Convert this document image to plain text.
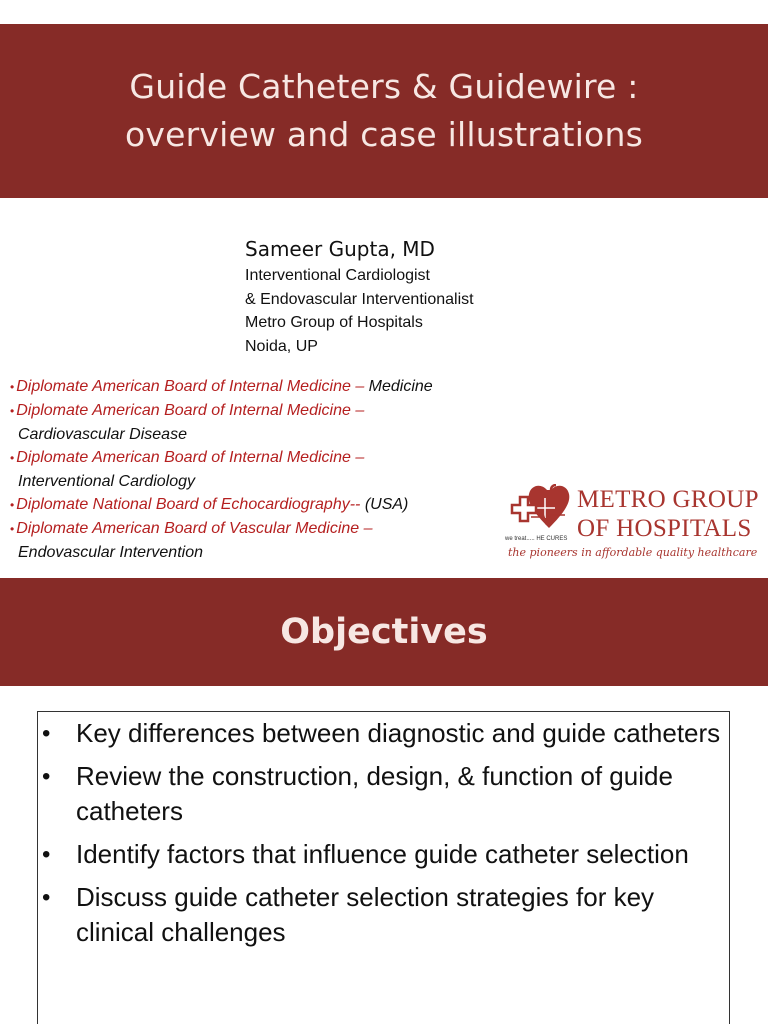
Guide Catheters & Guidewire :
overview and case illustrations
Sameer Gupta, MD
Interventional Cardiologist
& Endovascular Interventionalist
Metro Group of Hospitals
Noida, UP
• Diplomate American Board of Internal Medicine – Medicine
• Diplomate American Board of Internal Medicine –
Cardiovascular Disease
• Diplomate American Board of Internal Medicine –
Interventional Cardiology
• Diplomate National Board of Echocardiography-- (USA)
• Diplomate American Board of Vascular Medicine –
Endovascular Intervention
we treat..... HE CURES
METRO GROUP
OF HOSPITALS
the pioneers in affordable quality healthcare
Objectives
• Key differences between diagnostic and guide catheters
• Review the construction, design, & function of guide catheters
• Identify factors that influence guide catheter selection
• Discuss guide catheter selection strategies for key clinical challenges
